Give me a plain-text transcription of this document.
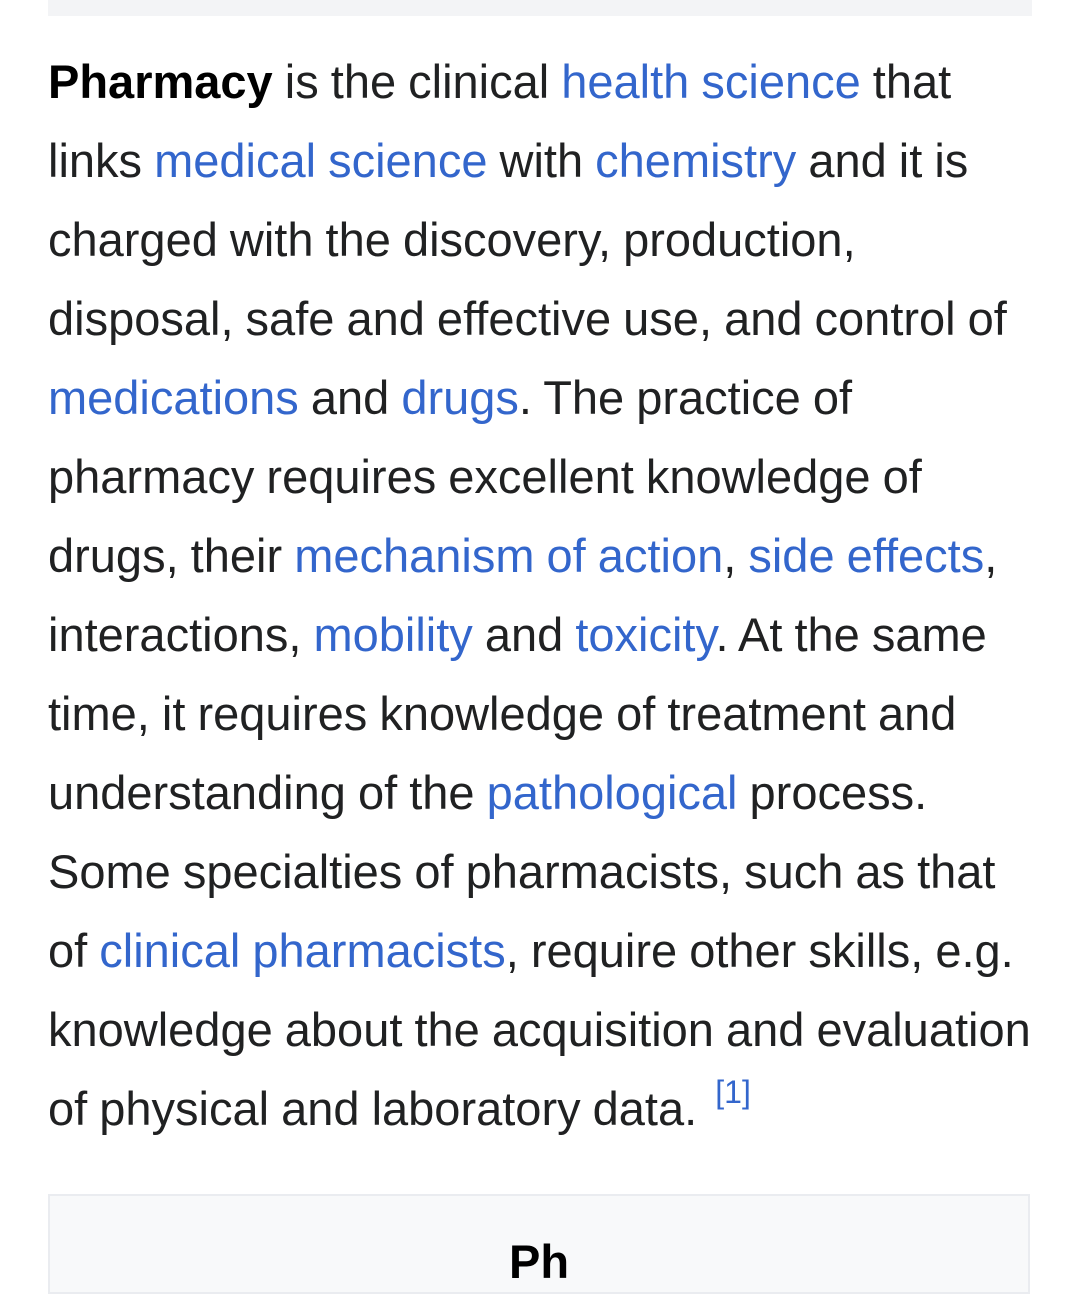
Pharmacy is the clinical health science that links medical science with chemistry and it is charged with the discovery, production, disposal, safe and effective use, and control of medications and drugs. The practice of pharmacy requires excellent knowledge of drugs, their mechanism of action, side effects, interactions, mobility and toxicity. At the same time, it requires knowledge of treatment and understanding of the pathological process. Some specialties of pharmacists, such as that of clinical pharmacists, require other skills, e.g. knowledge about the acquisition and evaluation of physical and laboratory data. [1]

Ph
